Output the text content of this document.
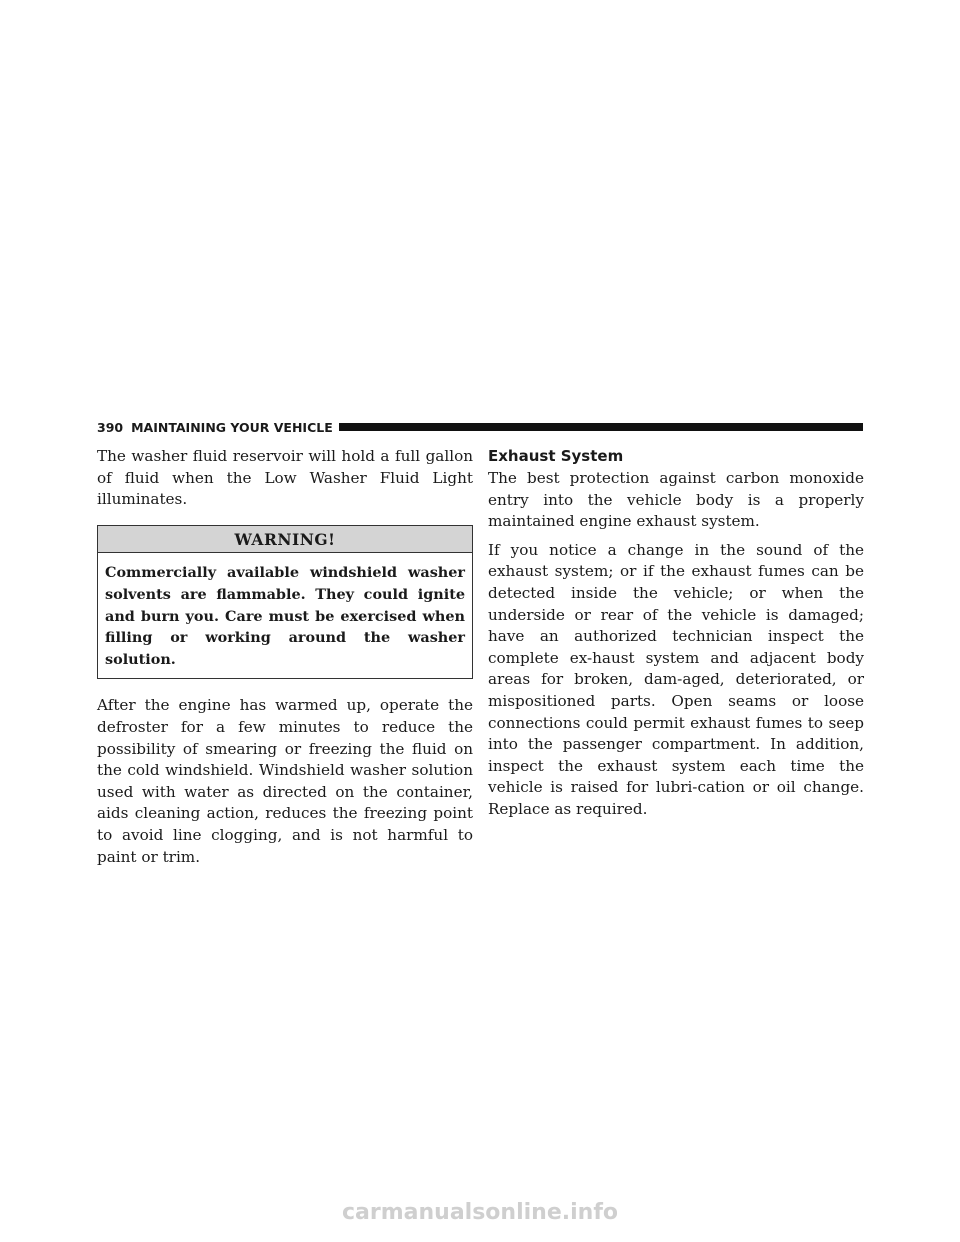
390 MAINTAINING YOUR VEHICLE

The washer fluid reservoir will hold a full gallon of fluid when the Low Washer Fluid Light illuminates.

WARNING!
Commercially available windshield washer solvents are flammable. They could ignite and burn you. Care must be exercised when filling or working around the washer solution.

After the engine has warmed up, operate the defroster for a few minutes to reduce the possibility of smearing or freezing the fluid on the cold windshield. Windshield washer solution used with water as directed on the container, aids cleaning action, reduces the freezing point to avoid line clogging, and is not harmful to paint or trim.

Exhaust System

The best protection against carbon monoxide entry into the vehicle body is a properly maintained engine exhaust system.

If you notice a change in the sound of the exhaust system; or if the exhaust fumes can be detected inside the vehicle; or when the underside or rear of the vehicle is damaged; have an authorized technician inspect the complete ex-haust system and adjacent body areas for broken, dam-aged, deteriorated, or mispositioned parts. Open seams or loose connections could permit exhaust fumes to seep into the passenger compartment. In addition, inspect the exhaust system each time the vehicle is raised for lubri-cation or oil change. Replace as required.

carmanualsonline.info
